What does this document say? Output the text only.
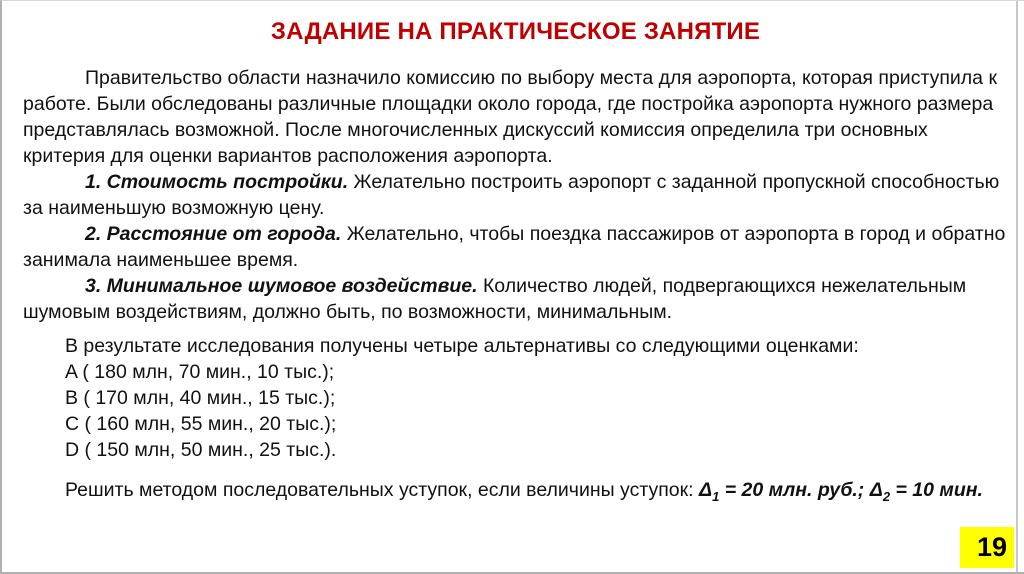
ЗАДАНИЕ НА ПРАКТИЧЕСКОЕ ЗАНЯТИЕ

Правительство области назначило комиссию по выбору места для аэропорта, которая приступила к работе. Были обследованы различные площадки около города, где постройка аэропорта нужного размера представлялась возможной. После многочисленных дискуссий комиссия определила три основных критерия для оценки вариантов расположения аэропорта.

1. Стоимость постройки. Желательно построить аэропорт с заданной пропускной способностью за наименьшую возможную цену.

2. Расстояние от города. Желательно, чтобы поездка пассажиров от аэропорта в город и обратно занимала наименьшее время.

3. Минимальное шумовое воздействие. Количество людей, подвергающихся нежелательным шумовым воздействиям, должно быть, по возможности, минимальным.

В результате исследования получены четыре альтернативы со следующими оценками:

A ( 180 млн, 70 мин., 10 тыс.);
B ( 170 млн, 40 мин., 15 тыс.);
C ( 160 млн, 55 мин., 20 тыс.);
D ( 150 млн, 50 мин., 25 тыс.).

Решить методом последовательных уступок, если величины уступок: $\Delta_1 = 20$ млн. руб.; $\Delta_2 = 10$ мин.

19
